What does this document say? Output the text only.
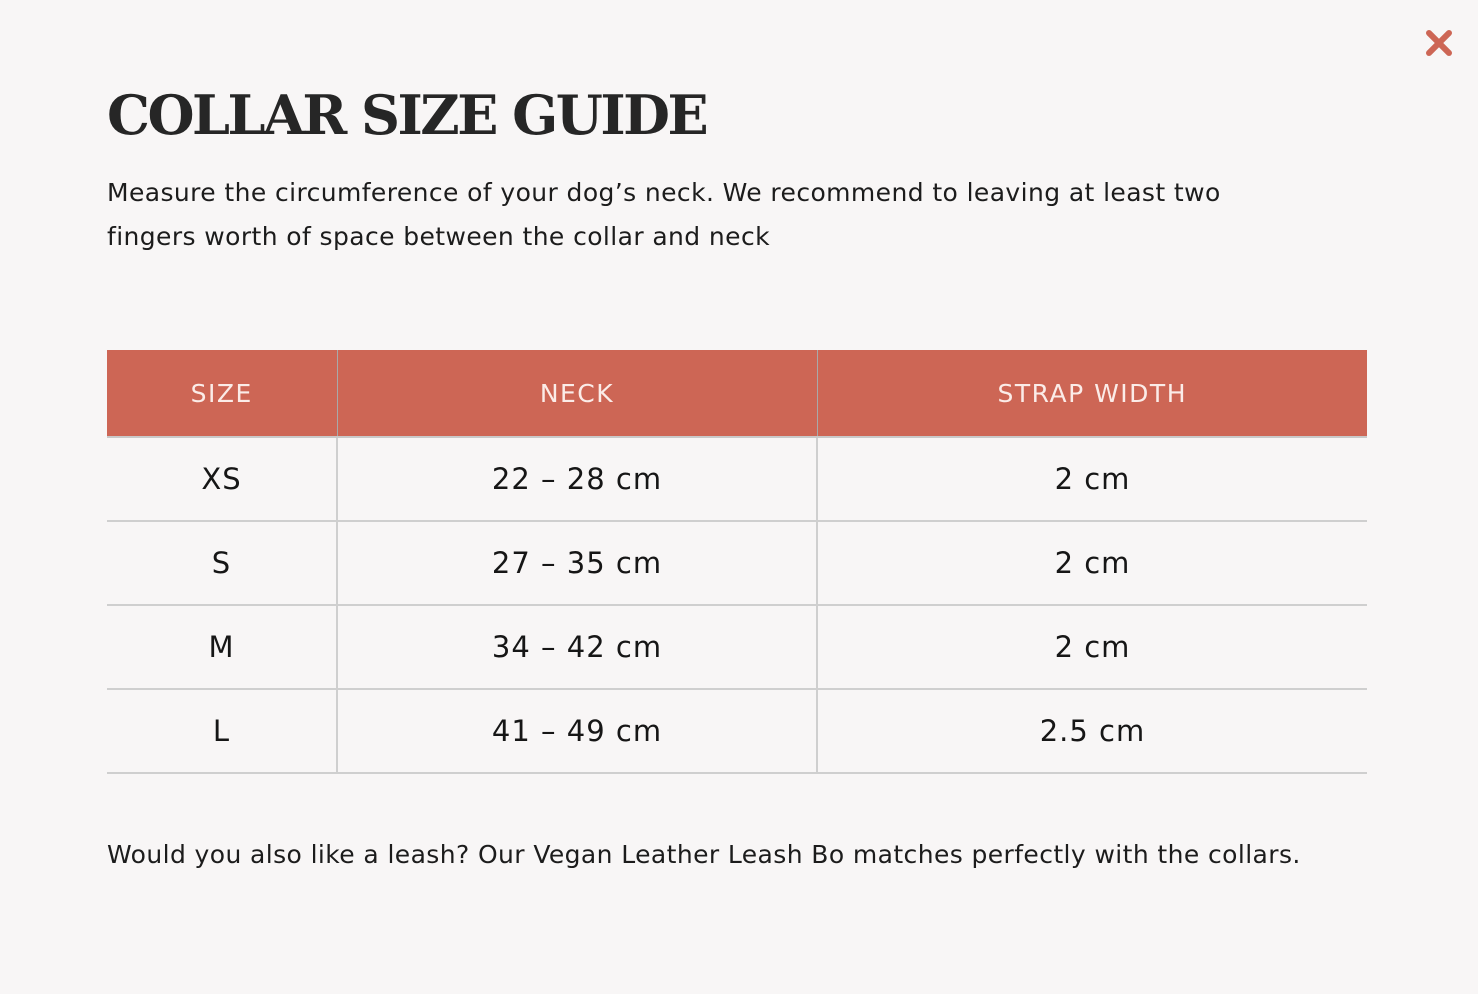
COLLAR SIZE GUIDE

Measure the circumference of your dog’s neck. We recommend to leaving at least two fingers worth of space between the collar and neck

SIZE	NECK	STRAP WIDTH
XS	22 – 28 cm	2 cm
S	27 – 35 cm	2 cm
M	34 – 42 cm	2 cm
L	41 – 49 cm	2.5 cm

Would you also like a leash? Our Vegan Leather Leash Bo matches perfectly with the collars.
